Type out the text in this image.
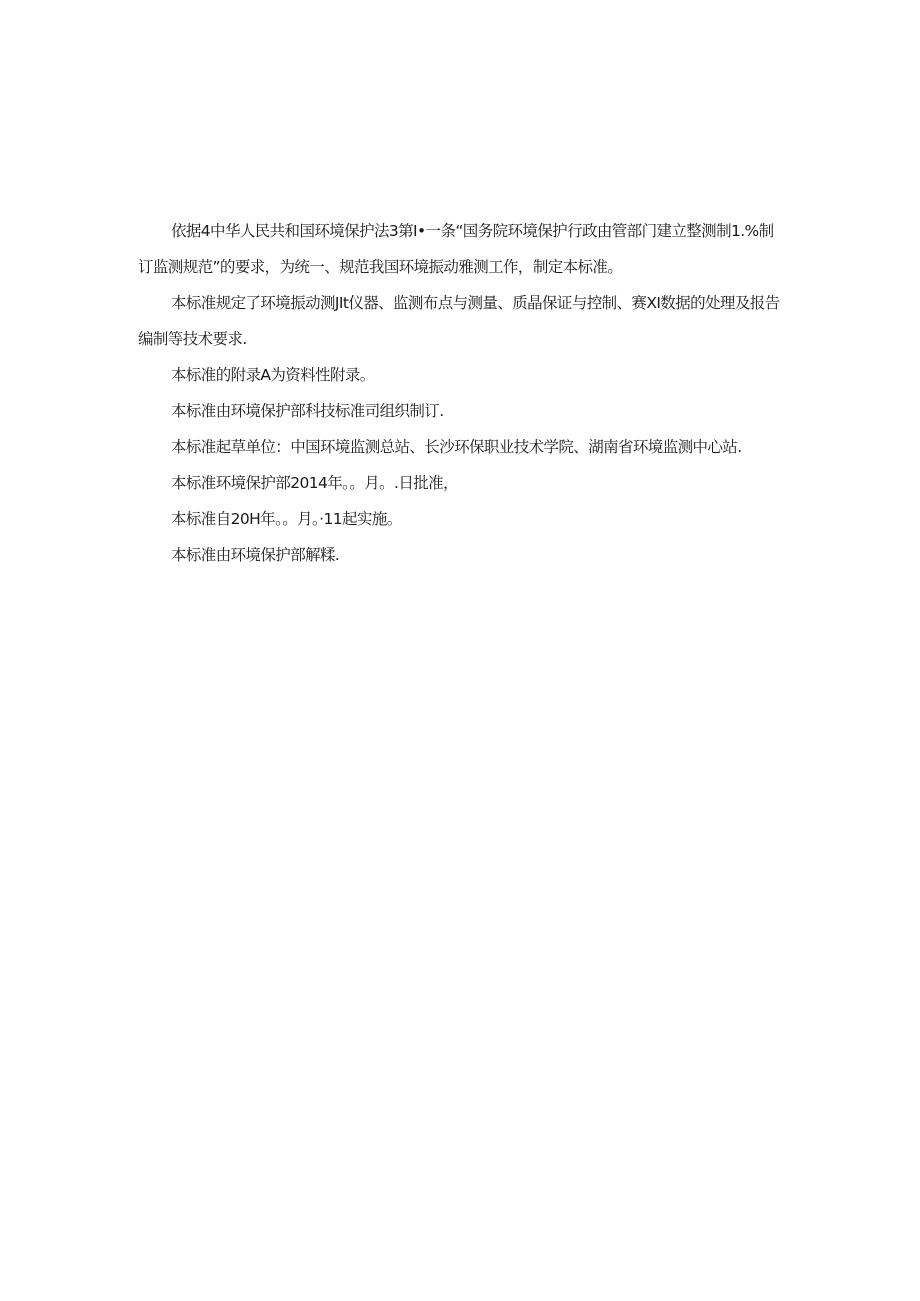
依据4中华人民共和国环境保护法3第I•一条“国务院环境保护行政由管部门建立整测制1.%制订监测规范”的要求，为统一、规范我国环境振动雅测工作，制定本标准。

本标准规定了环境振动测JIt仪器、监测布点与测量、质晶保证与控制、赛XI数据的处理及报告编制等技术要求.

本标准的附录A为资料性附录。

本标准由环境保护部科技标准司组织制订.

本标准起草单位：中国环境监测总站、长沙环保职业技术学院、湖南省环境监测中心站.

本标准环境保护部2014年。。月。.日批准，

本标准自20H年。。月。·11起实施。

本标准由环境保护部解糅.
